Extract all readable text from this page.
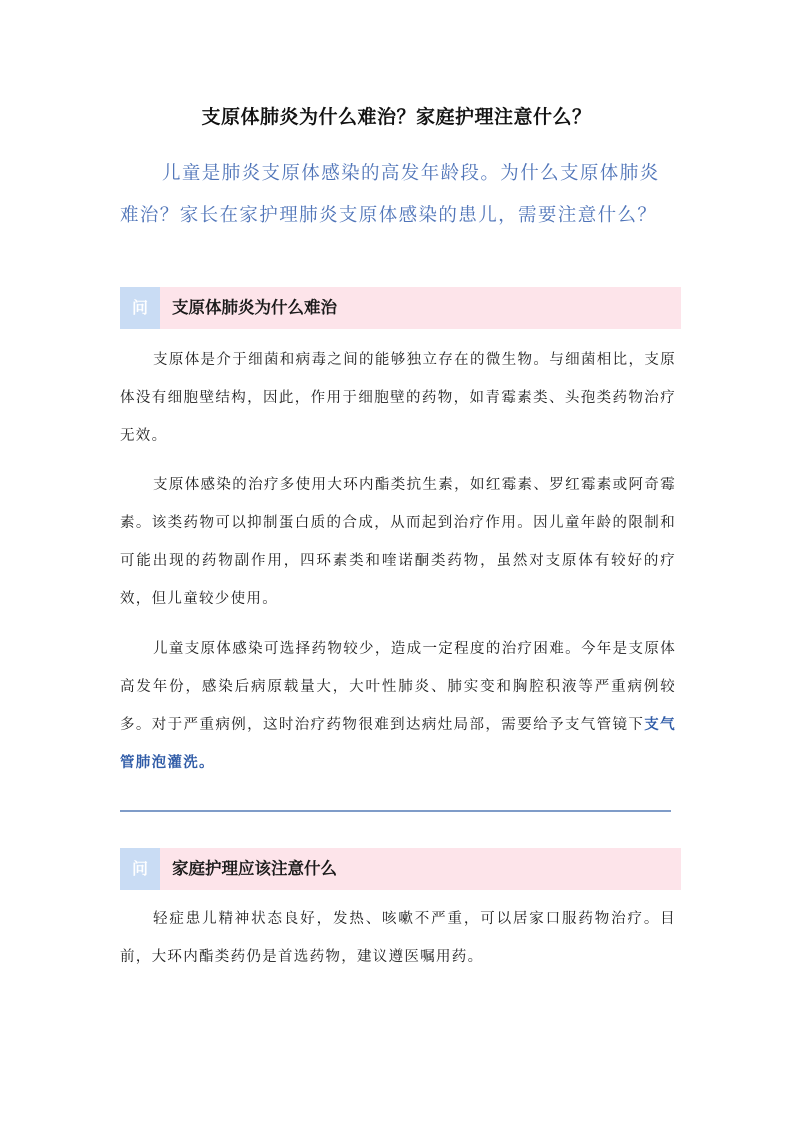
支原体肺炎为什么难治？家庭护理注意什么？

儿童是肺炎支原体感染的高发年龄段。为什么支原体肺炎难治？家长在家护理肺炎支原体感染的患儿，需要注意什么？

问	支原体肺炎为什么难治

支原体是介于细菌和病毒之间的能够独立存在的微生物。与细菌相比，支原体没有细胞壁结构，因此，作用于细胞壁的药物，如青霉素类、头孢类药物治疗无效。

支原体感染的治疗多使用大环内酯类抗生素，如红霉素、罗红霉素或阿奇霉素。该类药物可以抑制蛋白质的合成，从而起到治疗作用。因儿童年龄的限制和可能出现的药物副作用，四环素类和喹诺酮类药物，虽然对支原体有较好的疗效，但儿童较少使用。

儿童支原体感染可选择药物较少，造成一定程度的治疗困难。今年是支原体高发年份，感染后病原载量大，大叶性肺炎、肺实变和胸腔积液等严重病例较多。对于严重病例，这时治疗药物很难到达病灶局部，需要给予支气管镜下支气管肺泡灌洗。

问	家庭护理应该注意什么

轻症患儿精神状态良好，发热、咳嗽不严重，可以居家口服药物治疗。目前，大环内酯类药仍是首选药物，建议遵医嘱用药。
